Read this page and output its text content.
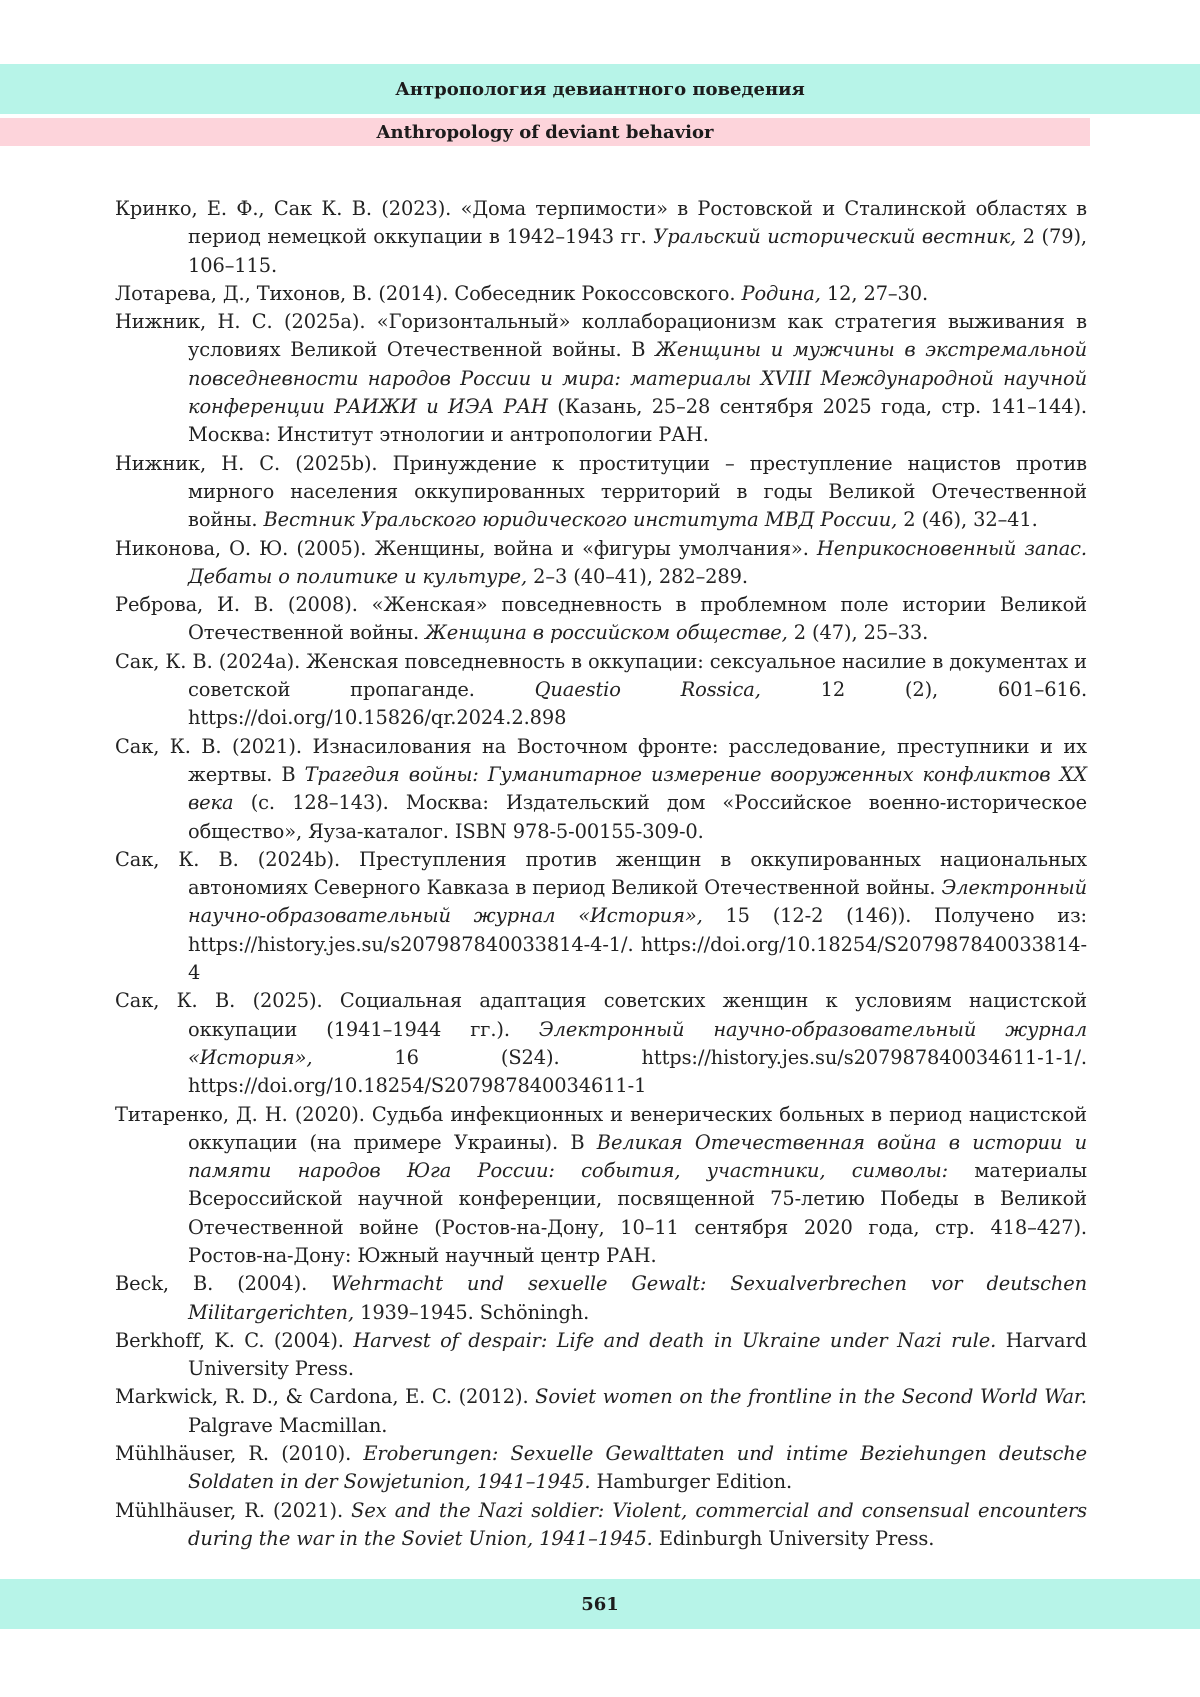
Антропология девиантного поведения
Anthropology of deviant behavior

Кринко, Е. Ф., Сак К. В. (2023). «Дома терпимости» в Ростовской и Сталинской областях в период немецкой оккупации в 1942–1943 гг. Уральский исторический вестник, 2 (79), 106–115.

Лотарева, Д., Тихонов, В. (2014). Собеседник Рокоссовского. Родина, 12, 27–30.

Нижник, Н. С. (2025a). «Горизонтальный» коллаборационизм как стратегия выживания в условиях Великой Отечественной войны. В Женщины и мужчины в экстремальной повседневности народов России и мира: материалы XVIII Международной научной конференции РАИЖИ и ИЭА РАН (Казань, 25–28 сентября 2025 года, стр. 141–144). Москва: Институт этнологии и антропологии РАН.

Нижник, Н. С. (2025b). Принуждение к проституции – преступление нацистов против мирного населения оккупированных территорий в годы Великой Отечественной войны. Вестник Уральского юридического института МВД России, 2 (46), 32–41.

Никонова, О. Ю. (2005). Женщины, война и «фигуры умолчания». Неприкосновенный запас. Дебаты о политике и культуре, 2–3 (40–41), 282–289.

Реброва, И. В. (2008). «Женская» повседневность в проблемном поле истории Великой Отечественной войны. Женщина в российском обществе, 2 (47), 25–33.

Сак, К. В. (2024a). Женская повседневность в оккупации: сексуальное насилие в документах и советской пропаганде. Quaestio Rossica, 12 (2), 601–616. https://doi.org/10.15826/qr.2024.2.898

Сак, К. В. (2021). Изнасилования на Восточном фронте: расследование, преступники и их жертвы. В Трагедия войны: Гуманитарное измерение вооруженных конфликтов XX века (с. 128–143). Москва: Издательский дом «Российское военно-историческое общество», Яуза-каталог. ISBN 978-5-00155-309-0.

Сак, К. В. (2024b). Преступления против женщин в оккупированных национальных автономиях Северного Кавказа в период Великой Отечественной войны. Электронный научно-образовательный журнал «История», 15 (12-2 (146)). Получено из: https://history.jes.su/s207987840033814-4-1/. https://doi.org/10.18254/S207987840033814-4

Сак, К. В. (2025). Социальная адаптация советских женщин к условиям нацистской оккупации (1941–1944 гг.). Электронный научно-образовательный журнал «История», 16 (S24). https://history.jes.su/s207987840034611-1-1/. https://doi.org/10.18254/S207987840034611-1

Титаренко, Д. Н. (2020). Судьба инфекционных и венерических больных в период нацистской оккупации (на примере Украины). В Великая Отечественная война в истории и памяти народов Юга России: события, участники, символы: материалы Всероссийской научной конференции, посвященной 75-летию Победы в Великой Отечественной войне (Ростов-на-Дону, 10–11 сентября 2020 года, стр. 418–427). Ростов-на-Дону: Южный научный центр РАН.

Beck, B. (2004). Wehrmacht und sexuelle Gewalt: Sexualverbrechen vor deutschen Militargerichten, 1939–1945. Schöningh.

Berkhoff, K. C. (2004). Harvest of despair: Life and death in Ukraine under Nazi rule. Harvard University Press.

Markwick, R. D., & Cardona, E. C. (2012). Soviet women on the frontline in the Second World War. Palgrave Macmillan.

Mühlhäuser, R. (2010). Eroberungen: Sexuelle Gewalttaten und intime Beziehungen deutsche Soldaten in der Sowjetunion, 1941–1945. Hamburger Edition.

Mühlhäuser, R. (2021). Sex and the Nazi soldier: Violent, commercial and consensual encounters during the war in the Soviet Union, 1941–1945. Edinburgh University Press.

561
